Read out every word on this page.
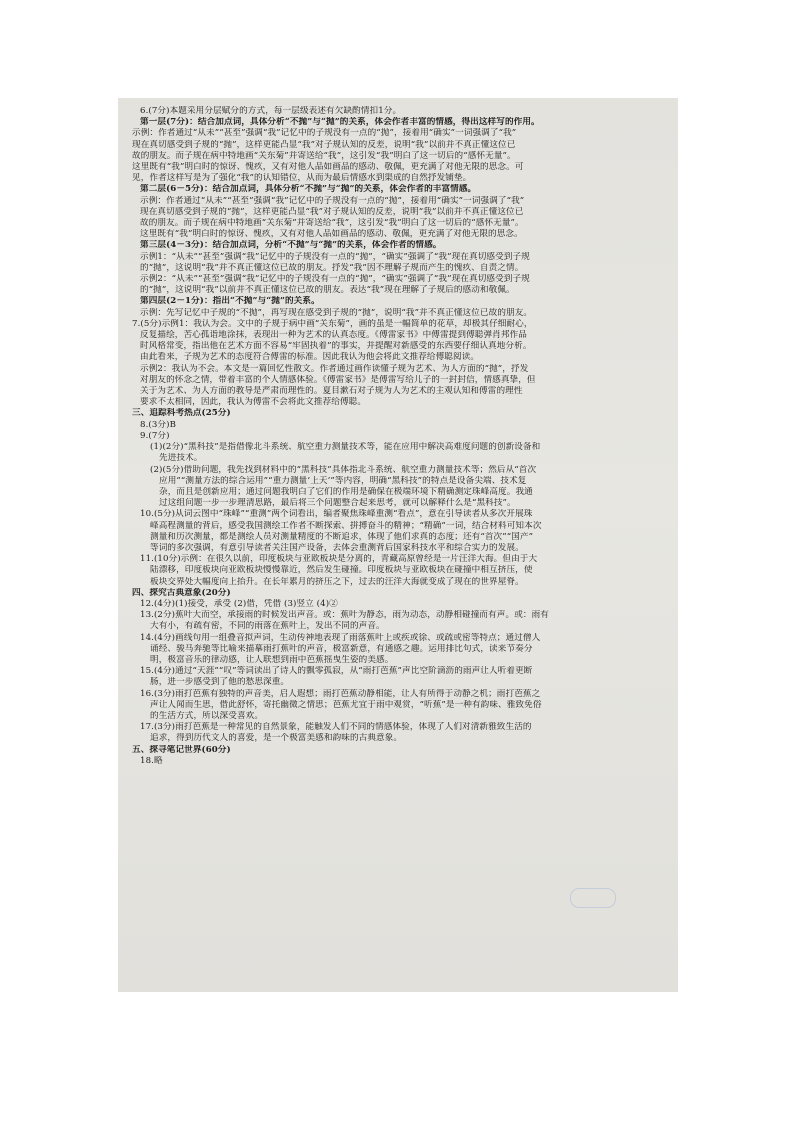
6.(7分)本题采用分层赋分的方式，每一层级表述有欠缺酌情扣1分。
第一层(7分)：结合加点词，具体分析“不抛”与“抛”的关系，体会作者丰富的情感，得出这样写的作用。
示例：作者通过“从未”“甚至”强调“我”记忆中的子规没有一点的“抛”，接着用“确实”一词强调了“我”
现在真切感受到子规的“抛”，这样更能凸显“我”对子规认知的反差，说明“我”以前并不真正懂这位已
故的朋友。而子规在病中特地画“关东菊”并寄送给“我”，这引发“我”明白了这一切后的“感怀无量”。
这里既有“我”明白时的惊讶、愧疚，又有对他人品如画品的感动、敬佩，更充满了对他无限的思念。可
见，作者这样写是为了强化“我”的认知错位，从而为最后情感水到渠成的自然抒发铺垫。
第二层(6－5分)：结合加点词，具体分析“不抛”与“抛”的关系，体会作者的丰富情感。
示例：作者通过“从未”“甚至”强调“我”记忆中的子规没有一点的“抛”，接着用“确实”一词强调了“我”
现在真切感受到子规的“抛”，这样更能凸显“我”对子规认知的反差，说明“我”以前并不真正懂这位已
故的朋友。而子规在病中特地画“关东菊”并寄送给“我”，这引发“我”明白了这一切后的“感怀无量”。
这里既有“我”明白时的惊讶、愧疚，又有对他人品如画品的感动、敬佩，更充满了对他无限的思念。
第三层(4－3分)：结合加点词，分析“不抛”与“抛”的关系，体会作者的情感。
示例1：“从未”“甚至”强调“我”记忆中的子规没有一点的“抛”，“确实”强调了“我”现在真切感受到子规
的“抛”，这说明“我”并不真正懂这位已故的朋友。抒发“我”因不理解子规而产生的愧疚、自责之情。
示例2：“从未”“甚至”强调“我”记忆中的子规没有一点的“抛”，“确实”强调了“我”现在真切感受到子规
的“抛”，这说明“我”以前并不真正懂这位已故的朋友。表达“我”现在理解了子规后的感动和敬佩。
第四层(2－1分)：指出“不抛”与“抛”的关系。
示例：先写记忆中子规的“不抛”，再写现在感受到子规的“抛”，说明“我”并不真正懂这位已故的朋友。
7.(5分)示例1：我认为会。文中的子规于病中画“关东菊”，画的虽是一幅简单的花草，却极其仔细耐心，
反复描绘，苦心孤诣地涂抹，表现出一种为艺术的认真态度。《傅雷家书》中傅雷提到傅聪弹肖邦作品
时风格常变，指出他在艺术方面不容易“牢固执着”的事实，并提醒对新感受的东西要仔细认真地分析。
由此看来，子规为艺术的态度符合傅雷的标准。因此我认为他会将此文推荐给傅聪阅读。
示例2：我认为不会。本文是一篇回忆性散文。作者通过画作读懂子规为艺术、为人方面的“抛”，抒发
对朋友的怀念之情，带着丰富的个人情感体验。《傅雷家书》是傅雷写给儿子的一封封信，情感真挚，但
关于为艺术、为人方面的教导是严肃而理性的。夏目漱石对子规为人为艺术的主观认知和傅雷的理性
要求不太相同，因此，我认为傅雷不会将此文推荐给傅聪。
三、追踪科考热点(25分)
8.(3分)B
9.(7分)
(1)(2分)“黑科技”是指借像北斗系统、航空重力测量技术等，能在应用中解决高难度问题的创新设备和
先进技术。
(2)(5分)借助问题，我先找到材料中的“黑科技”具体指北斗系统、航空重力测量技术等；然后从“首次
应用”“测量方法的综合运用”“重力测量‘上天’”等内容，明确“黑科技”的特点是设备尖端、技术复
杂，而且是创新应用；通过问题我明白了它们的作用是确保在极端环境下精确测定珠峰高度。我通
过这组问题一步一步理清思路，最后将三个问题整合起来思考，就可以解释什么是“黑科技”。
10.(5分)从词云图中“珠峰”“重测”两个词看出，编者聚焦珠峰重测“看点”，意在引导读者从多次开展珠
峰高程测量的背后，感受我国测绘工作者不断探索、拼搏奋斗的精神；“精确”一词，结合材料可知本次
测量和历次测量，都是测绘人员对测量精度的不断追求，体现了他们求真的态度；还有“首次”“国产”
等词的多次强调，有意引导读者关注国产设备，去体会重测背后国家科技水平和综合实力的发展。
11.(10分)示例：在很久以前，印度板块与亚欧板块是分离的，青藏高原曾经是一片汪洋大海。但由于大
陆漂移，印度板块向亚欧板块慢慢靠近，然后发生碰撞。印度板块与亚欧板块在碰撞中相互挤压，使
板块交界处大幅度向上抬升。在长年累月的挤压之下，过去的汪洋大海就变成了现在的世界屋脊。
四、探究古典意象(20分)
12.(4分)(1)接受，承受 (2)借，凭借 (3)竖立 (4)②
13.(2分)蕉叶大而空，承接雨的时候发出声音。或：蕉叶为静态，雨为动态，动静相碰撞而有声。或：雨有
大有小，有疏有密，不同的雨落在蕉叶上，发出不同的声音。
14.(4分)画线句用一组叠音拟声词，生动传神地表现了雨落蕉叶上或疾或徐、或疏或密等特点；通过僧人
诵经、骏马奔驰等比喻来描摹雨打蕉叶的声音，极富新意，有通感之趣。运用排比句式，读来节奏分
明，极富音乐的律动感，让人联想到雨中芭蕉摇曳生姿的美感。
15.(4分)通过“天涯”“叹”等词读出了诗人的飘零孤寂，从“雨打芭蕉”声比空阶滴沥的雨声让人听着更断
肠，进一步感受到了他的愁思深重。
16.(3分)雨打芭蕉有独特的声音美，启人遐想；雨打芭蕉动静相能，让人有所得于动静之机；雨打芭蕉之
声让人闻而生思，借此舒怀，寄托幽微之情思；芭蕉尤宜于雨中观赏，“听蕉”是一种有韵味、雅致免俗
的生活方式，所以深受喜欢。
17.(3分)雨打芭蕉是一种常见的自然景象，能触发人们不同的情感体验，体现了人们对清新雅致生活的
追求，得到历代文人的喜爱，是一个极富美感和韵味的古典意象。
五、探寻笔记世界(60分)
18.略
